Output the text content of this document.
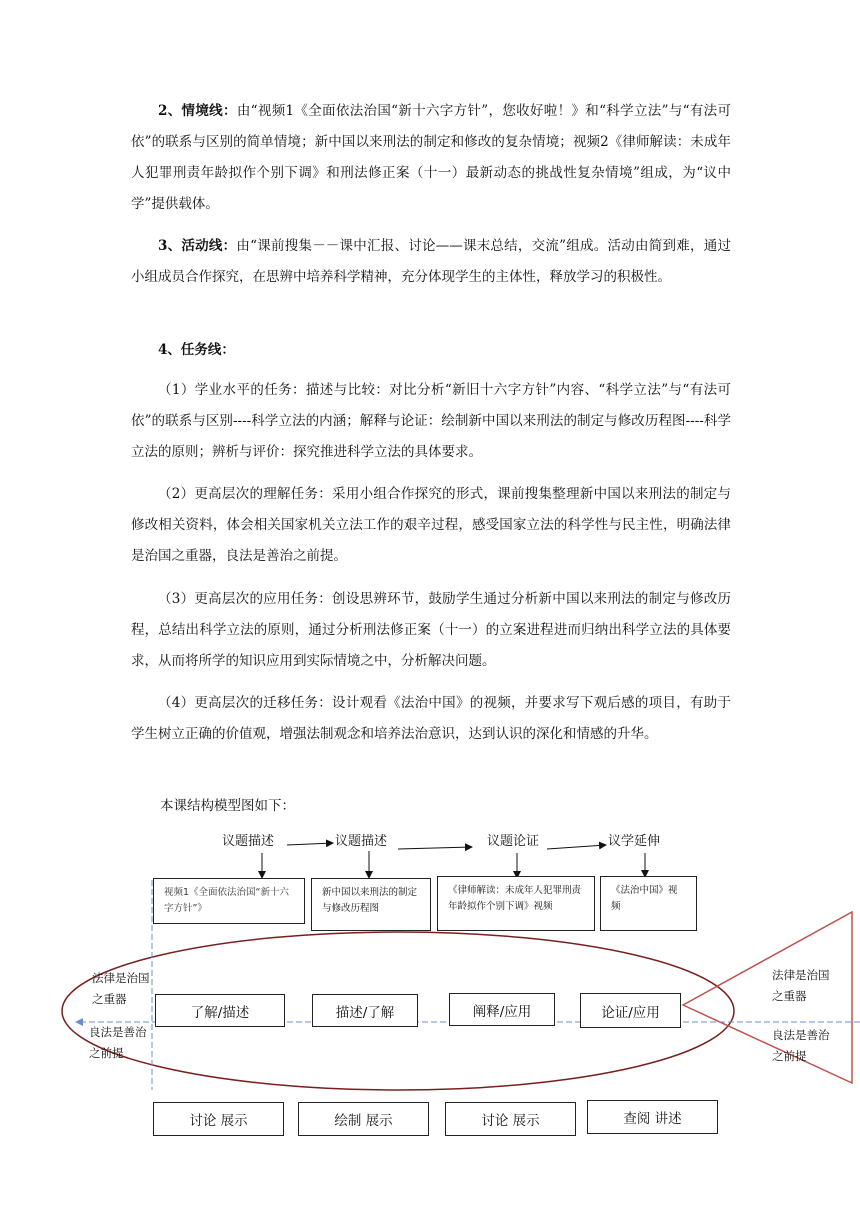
2、情境线：由“视频1《全面依法治国“新十六字方针”，您收好啦！》和“科学立法”与“有法可依”的联系与区别的简单情境；新中国以来刑法的制定和修改的复杂情境；视频2《律师解读：未成年人犯罪刑责年龄拟作个别下调》和刑法修正案（十一）最新动态的挑战性复杂情境”组成，为“议中学”提供载体。

3、活动线：由“课前搜集－－课中汇报、讨论——课末总结，交流”组成。活动由简到难，通过小组成员合作探究，在思辨中培养科学精神，充分体现学生的主体性，释放学习的积极性。

4、任务线：

（1）学业水平的任务：描述与比较：对比分析“新旧十六字方针”内容、“科学立法”与“有法可依”的联系与区别----科学立法的内涵；解释与论证：绘制新中国以来刑法的制定与修改历程图----科学立法的原则；辨析与评价：探究推进科学立法的具体要求。

（2）更高层次的理解任务：采用小组合作探究的形式，课前搜集整理新中国以来刑法的制定与修改相关资料，体会相关国家机关立法工作的艰辛过程，感受国家立法的科学性与民主性，明确法律是治国之重器，良法是善治之前提。

（3）更高层次的应用任务：创设思辨环节，鼓励学生通过分析新中国以来刑法的制定与修改历程，总结出科学立法的原则，通过分析刑法修正案（十一）的立案进程进而归纳出科学立法的具体要求，从而将所学的知识应用到实际情境之中，分析解决问题。

（4）更高层次的迁移任务：设计观看《法治中国》的视频，并要求写下观后感的项目，有助于学生树立正确的价值观，增强法制观念和培养法治意识，达到认识的深化和情感的升华。

本课结构模型图如下：
议题描述	议题描述	议题论证	议学延伸
视频1《全面依法治国“新十六字方针”》
新中国以来刑法的制定与修改历程图
《律师解读：未成年人犯罪刑责年龄拟作个别下调》视频
《法治中国》视频
了解/描述	描述/了解	阐释/应用	论证/应用
讨论 展示	绘制 展示	讨论 展示	查阅 讲述
法律是治国之重器
良法是善治之前提
法律是治国之重器
良法是善治之前提
